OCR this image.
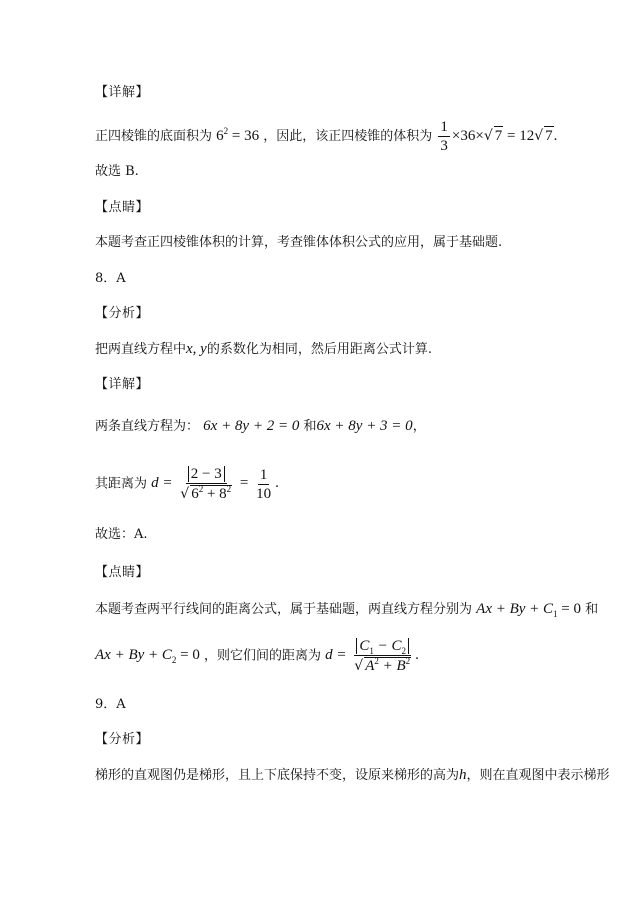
【详解】
正四棱锥的底面积为 $6^2 = 36$ ，因此，该正四棱锥的体积为 $\frac{1}{3} \times 36\times√$ 7 = 12√ 7.
故选 B.
【点睛】
本题考查正四棱锥体积的计算，考查锥体体积公式的应用，属于基础题.
8．A
【分析】
把两直线方程中x, y的系数化为相同，然后用距离公式计算.
【详解】
两条直线方程为： 6x + 8y + 2 = 0 和6x + 8y + 3 = 0，
其距离为 $d = \frac{2 - 3}{√ 6^2 + 8^2} = \frac{1}{10}$ .
故选：A.
【点睛】
本题考查两平行线间的距离公式，属于基础题，两直线方程分别为 $Ax + By + C_1 = 0$ 和
$Ax + By + C_2 = 0$ ，则它们间的距离为 $d = \frac{C_1 - C_2}{√ A^2 + B^2}$ .
9．A
【分析】
梯形的直观图仍是梯形，且上下底保持不变，设原来梯形的高为h，则在直观图中表示梯形
